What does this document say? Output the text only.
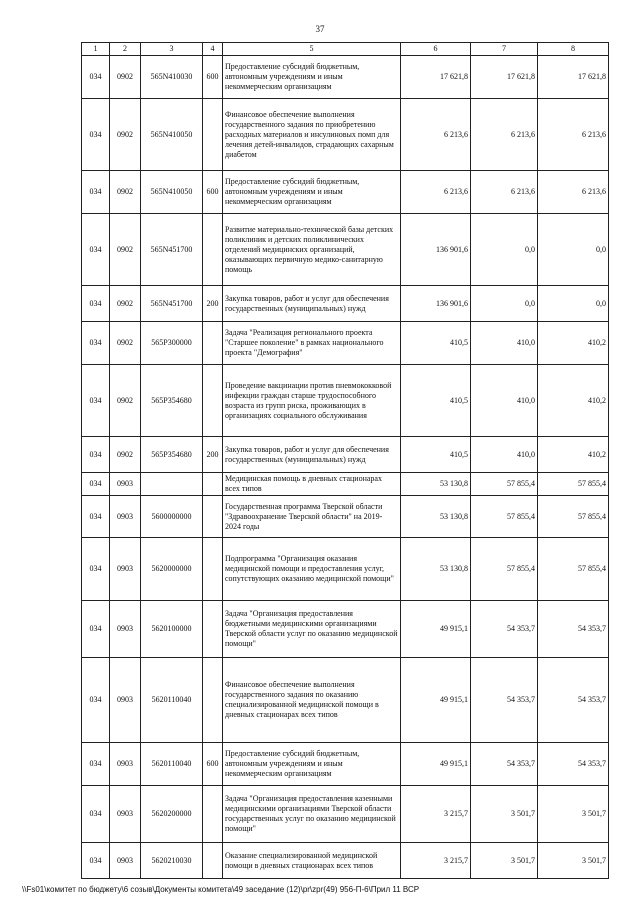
37
1	2	3	4	5	6	7	8
034	0902	565N410030	600	Предоставление субсидий бюджетным, автономным учреждениям и иным некоммерческим организациям	17 621,8	17 621,8	17 621,8
034	0902	565N410050		Финансовое обеспечение выполнения государственного задания по приобретению расходных материалов и инсулиновых помп для лечения детей-инвалидов, страдающих сахарным диабетом	6 213,6	6 213,6	6 213,6
034	0902	565N410050	600	Предоставление субсидий бюджетным, автономным учреждениям и иным некоммерческим организациям	6 213,6	6 213,6	6 213,6
034	0902	565N451700		Развитие материально-технической базы детских поликлиник и детских поликлинических отделений медицинских организаций, оказывающих первичную медико-санитарную помощь	136 901,6	0,0	0,0
034	0902	565N451700	200	Закупка товаров, работ и услуг для обеспечения государственных (муниципальных) нужд	136 901,6	0,0	0,0
034	0902	565P300000		Задача "Реализация регионального проекта "Старшее поколение" в рамках национального проекта "Демография"	410,5	410,0	410,2
034	0902	565P354680		Проведение вакцинации против пневмококковой инфекции граждан старше трудоспособного возраста из групп риска, проживающих в организациях социального обслуживания	410,5	410,0	410,2
034	0902	565P354680	200	Закупка товаров, работ и услуг для обеспечения государственных (муниципальных) нужд	410,5	410,0	410,2
034	0903			Медицинская помощь в дневных стационарах всех типов	53 130,8	57 855,4	57 855,4
034	0903	5600000000		Государственная программа Тверской области "Здравоохранение Тверской области" на 2019-2024 годы	53 130,8	57 855,4	57 855,4
034	0903	5620000000		Подпрограмма "Организация оказания медицинской помощи и предоставления услуг, сопутствующих оказанию медицинской помощи"	53 130,8	57 855,4	57 855,4
034	0903	5620100000		Задача "Организация предоставления бюджетными медицинскими организациями Тверской области услуг по оказанию медицинской помощи"	49 915,1	54 353,7	54 353,7
034	0903	5620110040		Финансовое обеспечение выполнения государственного задания по оказанию специализированной медицинской помощи в дневных стационарах всех типов	49 915,1	54 353,7	54 353,7
034	0903	5620110040	600	Предоставление субсидий бюджетным, автономным учреждениям и иным некоммерческим организациям	49 915,1	54 353,7	54 353,7
034	0903	5620200000		Задача "Организация предоставления казенными медицинскими организациями Тверской области государственных услуг по оказанию медицинской помощи"	3 215,7	3 501,7	3 501,7
034	0903	5620210030		Оказание специализированной медицинской помощи в дневных стационарах всех типов	3 215,7	3 501,7	3 501,7
\\Fs01\комитет по бюджету\6 созыв\Документы комитета\49 заседание (12)\pr\zpr(49) 956-П-6\Прил 11 ВСР
